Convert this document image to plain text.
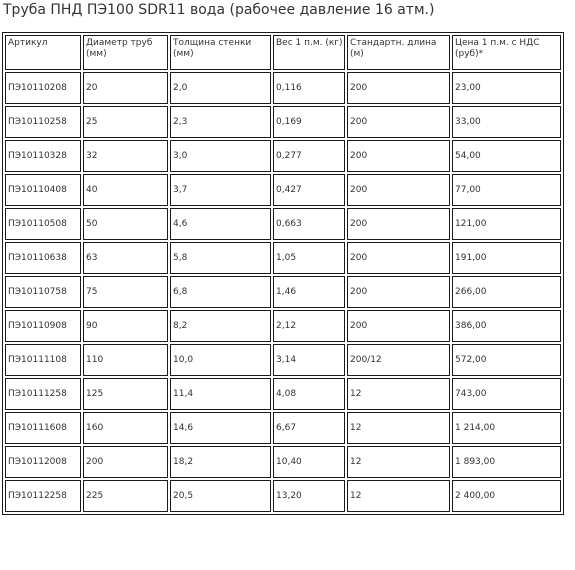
Труба ПНД ПЭ100 SDR11 вода (рабочее давление 16 атм.)
Артикул	Диаметр труб (мм)	Толщина стенки (мм)	Вес 1 п.м. (кг)	Стандартн. длина (м)	Цена 1 п.м. с НДС (руб)*
ПЭ10110208	20	2,0	0,116	200	23,00
ПЭ10110258	25	2,3	0,169	200	33,00
ПЭ10110328	32	3,0	0,277	200	54,00
ПЭ10110408	40	3,7	0,427	200	77,00
ПЭ10110508	50	4,6	0,663	200	121,00
ПЭ10110638	63	5,8	1,05	200	191,00
ПЭ10110758	75	6,8	1,46	200	266,00
ПЭ10110908	90	8,2	2,12	200	386,00
ПЭ10111108	110	10,0	3,14	200/12	572,00
ПЭ10111258	125	11,4	4,08	12	743,00
ПЭ10111608	160	14,6	6,67	12	1 214,00
ПЭ10112008	200	18,2	10,40	12	1 893,00
ПЭ10112258	225	20,5	13,20	12	2 400,00
